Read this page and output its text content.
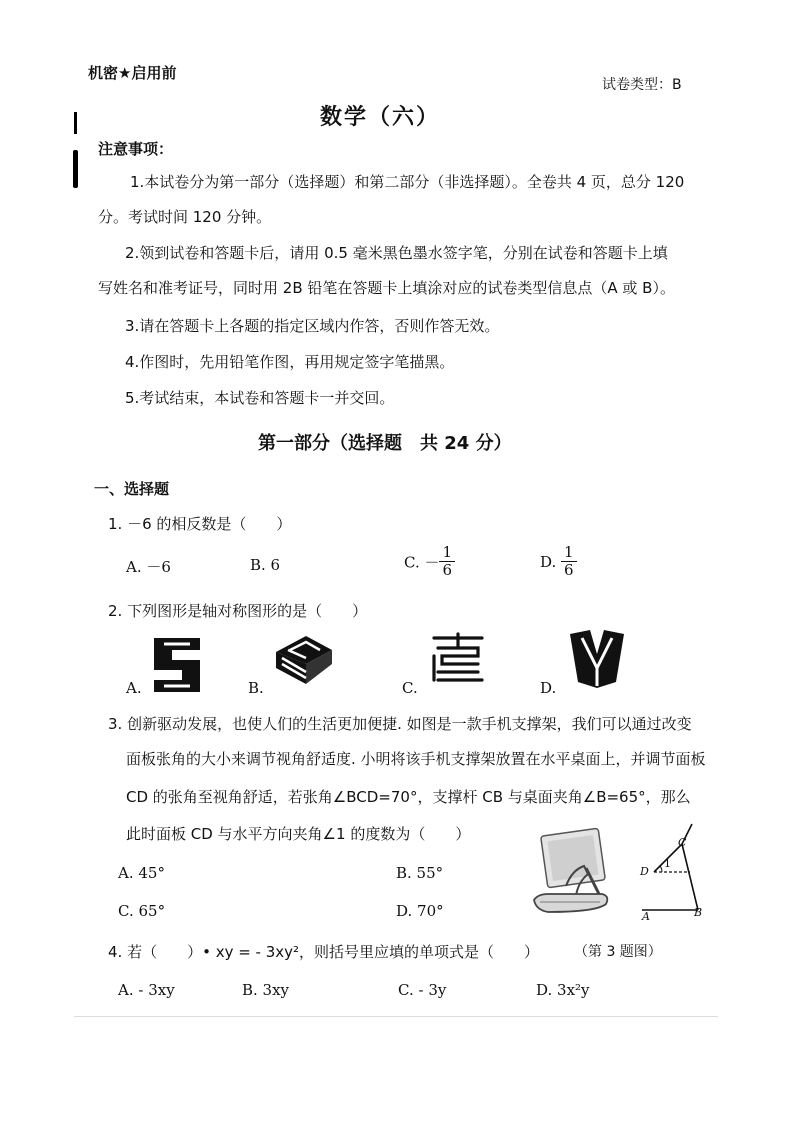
机密★启用前
试卷类型：B
数学（六）
注意事项：
1.本试卷分为第一部分（选择题）和第二部分（非选择题）。全卷共 4 页，总分 120
分。考试时间 120 分钟。
2.领到试卷和答题卡后，请用 0.5 毫米黑色墨水签字笔，分别在试卷和答题卡上填
写姓名和准考证号，同时用 2B 铅笔在答题卡上填涂对应的试卷类型信息点（A 或 B）。
3.请在答题卡上各题的指定区域内作答，否则作答无效。
4.作图时，先用铅笔作图，再用规定签字笔描黑。
5.考试结束，本试卷和答题卡一并交回。
第一部分（选择题　共 24 分）
一、选择题
1. －6 的相反数是（　　）
A. －6	B. 6	C. － $\frac{1}{6}$	D. $\frac{1}{6}$
2. 下列图形是轴对称图形的是（　　）
A.	B.	C.	D.
3. 创新驱动发展，也使人们的生活更加便捷. 如图是一款手机支撑架，我们可以通过改变
面板张角的大小来调节视角舒适度. 小明将该手机支撑架放置在水平桌面上，并调节面板
CD 的张角至视角舒适，若张角∠BCD=70°，支撑杆 CB 与桌面夹角∠B=65°，那么
此时面板 CD 与水平方向夹角∠1 的度数为（　　）
A. 45°	B. 55°
C. 65°	D. 70°
C
D
1
A	B
4. 若（　　）• xy = - 3xy²，则括号里应填的单项式是（　　） （第 3 题图）
A. - 3xy	B. 3xy	C. - 3y	D. 3x²y
